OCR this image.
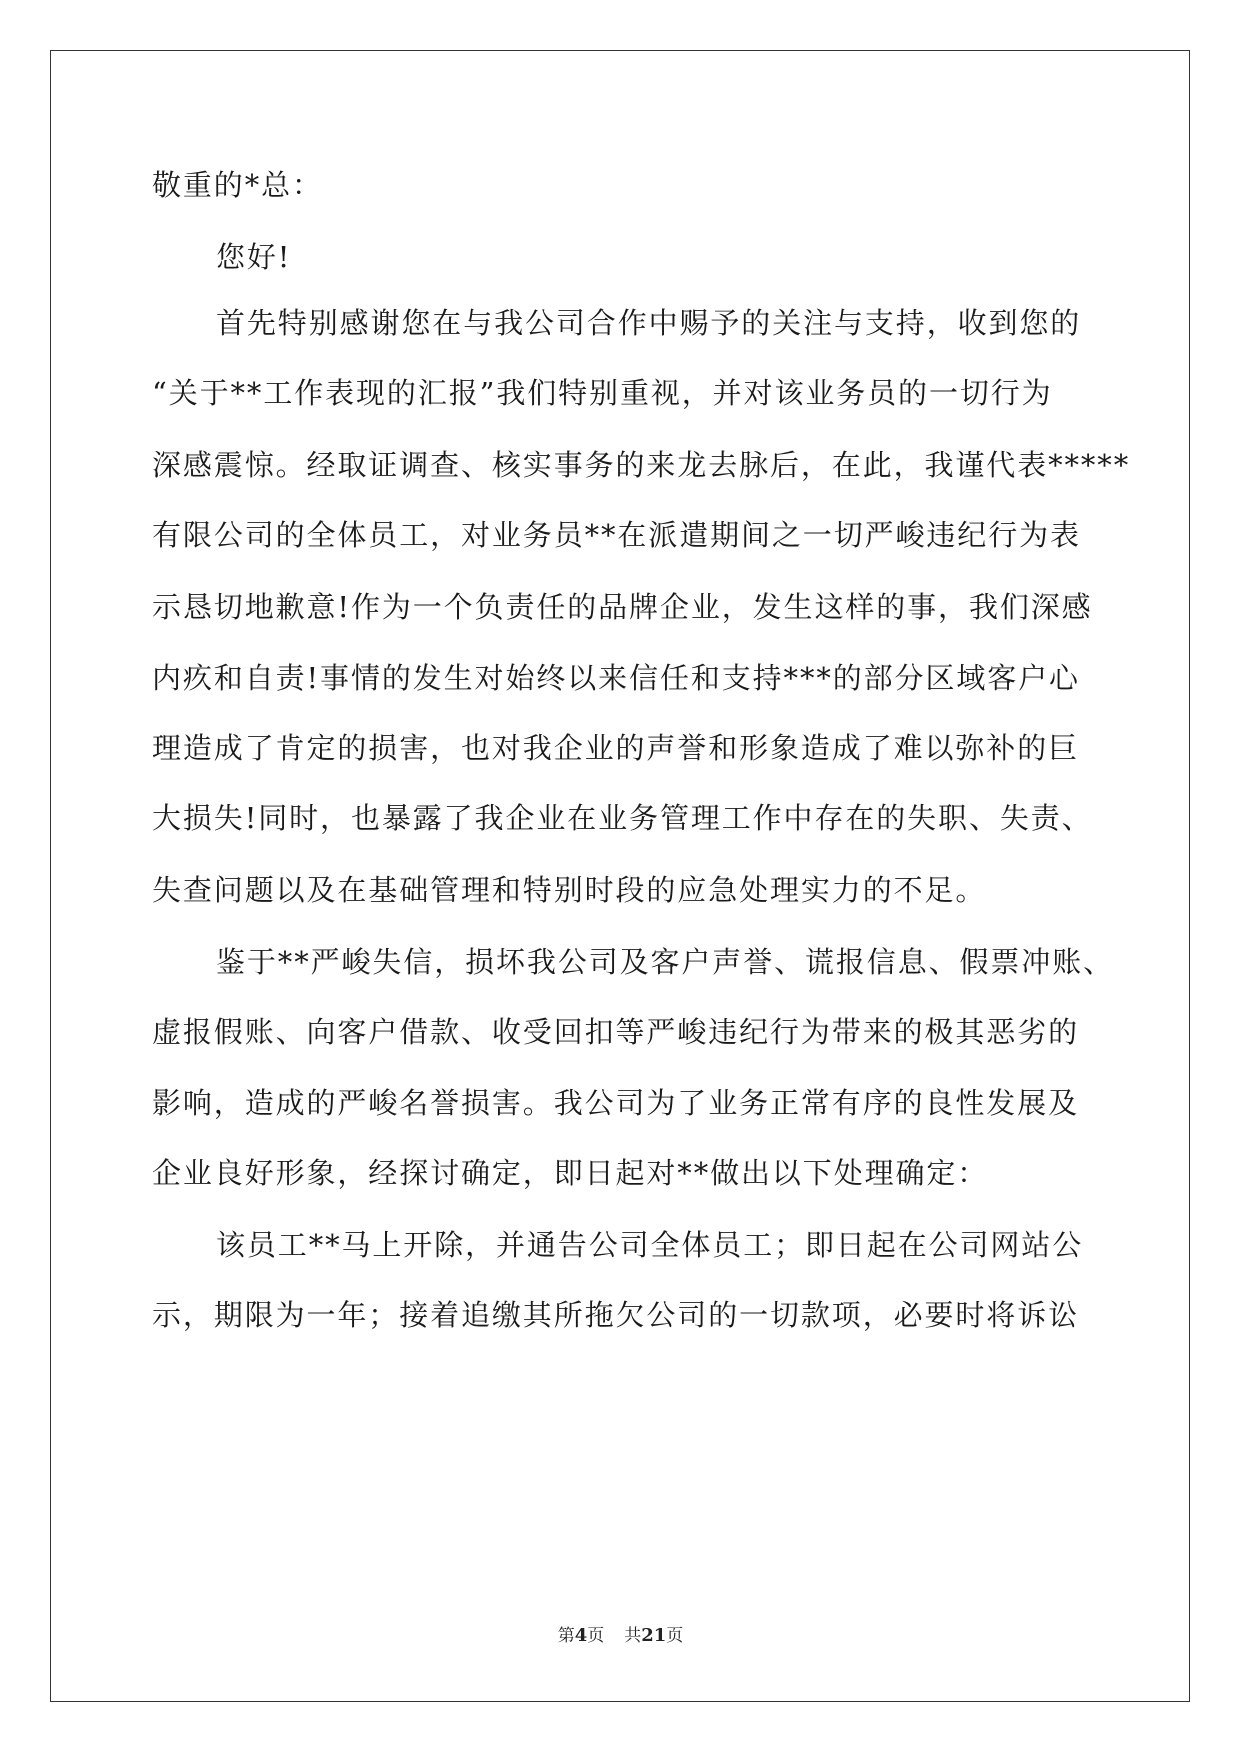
敬重的*总：
您好!
首先特别感谢您在与我公司合作中赐予的关注与支持，收到您的
“关于**工作表现的汇报”我们特别重视，并对该业务员的一切行为
深感震惊。经取证调查、核实事务的来龙去脉后，在此，我谨代表*****
有限公司的全体员工，对业务员**在派遣期间之一切严峻违纪行为表
示恳切地歉意!作为一个负责任的品牌企业，发生这样的事，我们深感
内疚和自责!事情的发生对始终以来信任和支持***的部分区域客户心
理造成了肯定的损害，也对我企业的声誉和形象造成了难以弥补的巨
大损失!同时，也暴露了我企业在业务管理工作中存在的失职、失责、
失查问题以及在基础管理和特别时段的应急处理实力的不足。
鉴于**严峻失信，损坏我公司及客户声誉、谎报信息、假票冲账、
虚报假账、向客户借款、收受回扣等严峻违纪行为带来的极其恶劣的
影响，造成的严峻名誉损害。我公司为了业务正常有序的良性发展及
企业良好形象，经探讨确定，即日起对**做出以下处理确定：
该员工**马上开除，并通告公司全体员工；即日起在公司网站公
示，期限为一年；接着追缴其所拖欠公司的一切款项，必要时将诉讼
第4页 共21页
